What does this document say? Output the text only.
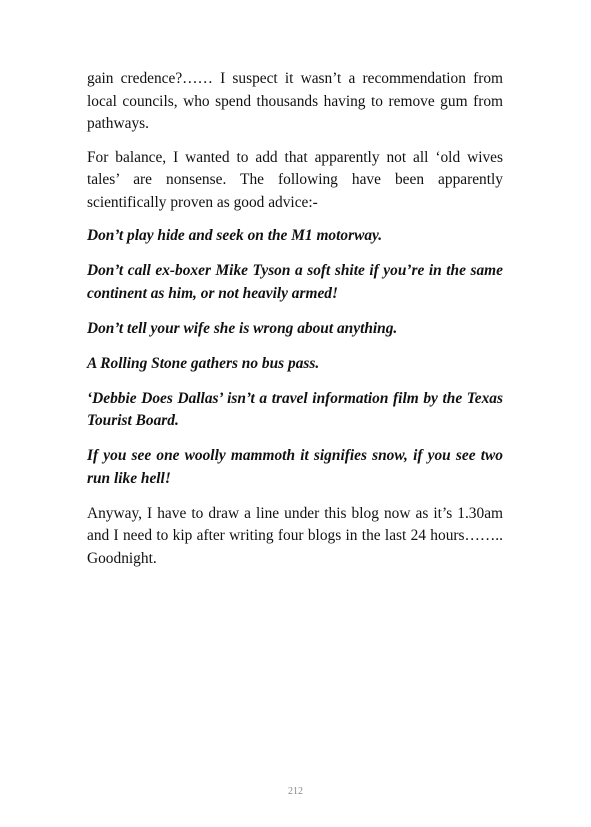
gain credence?…… I suspect it wasn’t a recommendation from local councils, who spend thousands having to remove gum from pathways.

For balance, I wanted to add that apparently not all ‘old wives tales’ are nonsense. The following have been apparently scientifically proven as good advice:-

Don’t play hide and seek on the M1 motorway.

Don’t call ex-boxer Mike Tyson a soft shite if you’re in the same continent as him, or not heavily armed!

Don’t tell your wife she is wrong about anything.

A Rolling Stone gathers no bus pass.

‘Debbie Does Dallas’ isn’t a travel information film by the Texas Tourist Board.

If you see one woolly mammoth it signifies snow, if you see two run like hell!

Anyway, I have to draw a line under this blog now as it’s 1.30am and I need to kip after writing four blogs in the last 24 hours…….. Goodnight.

212
